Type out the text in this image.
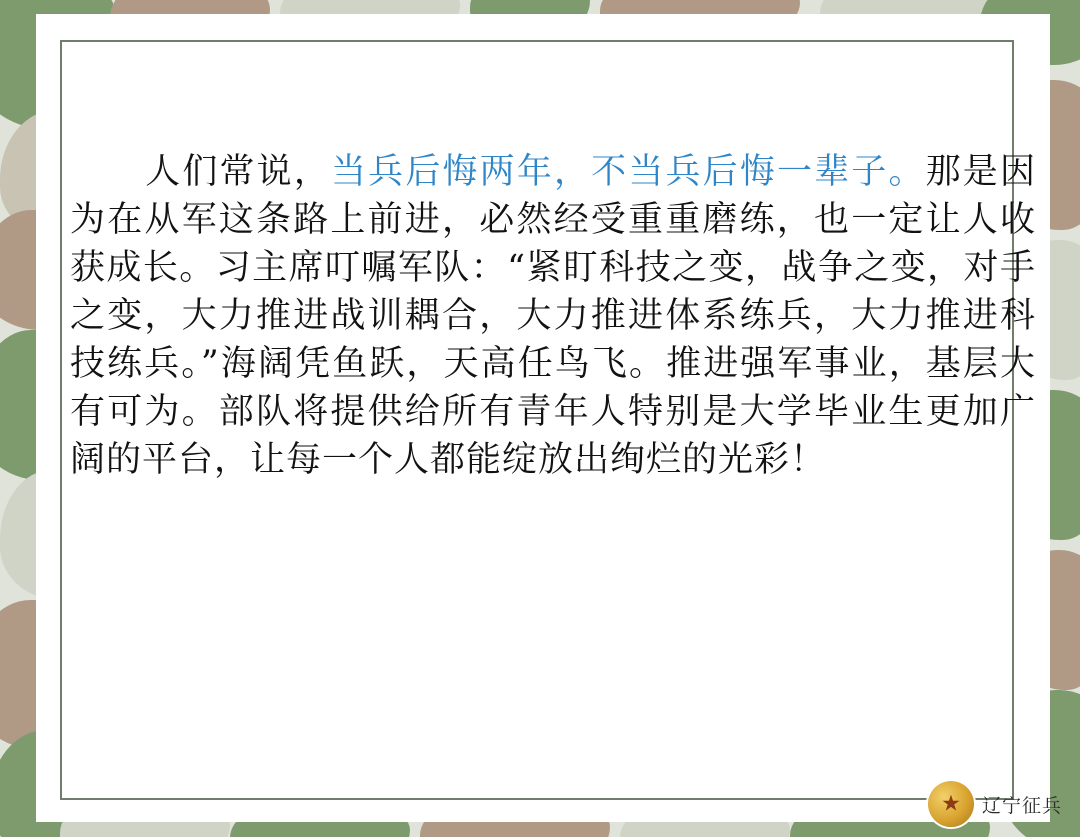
人们常说，当兵后悔两年，不当兵后悔一辈子。那是因为在从军这条路上前进，必然经受重重磨练，也一定让人收获成长。习主席叮嘱军队：“紧盯科技之变，战争之变，对手之变，大力推进战训耦合，大力推进体系练兵，大力推进科技练兵。”海阔凭鱼跃，天高任鸟飞。推进强军事业，基层大有可为。部队将提供给所有青年人特别是大学毕业生更加广阔的平台，让每一个人都能绽放出绚烂的光彩！
★ 辽宁征兵
